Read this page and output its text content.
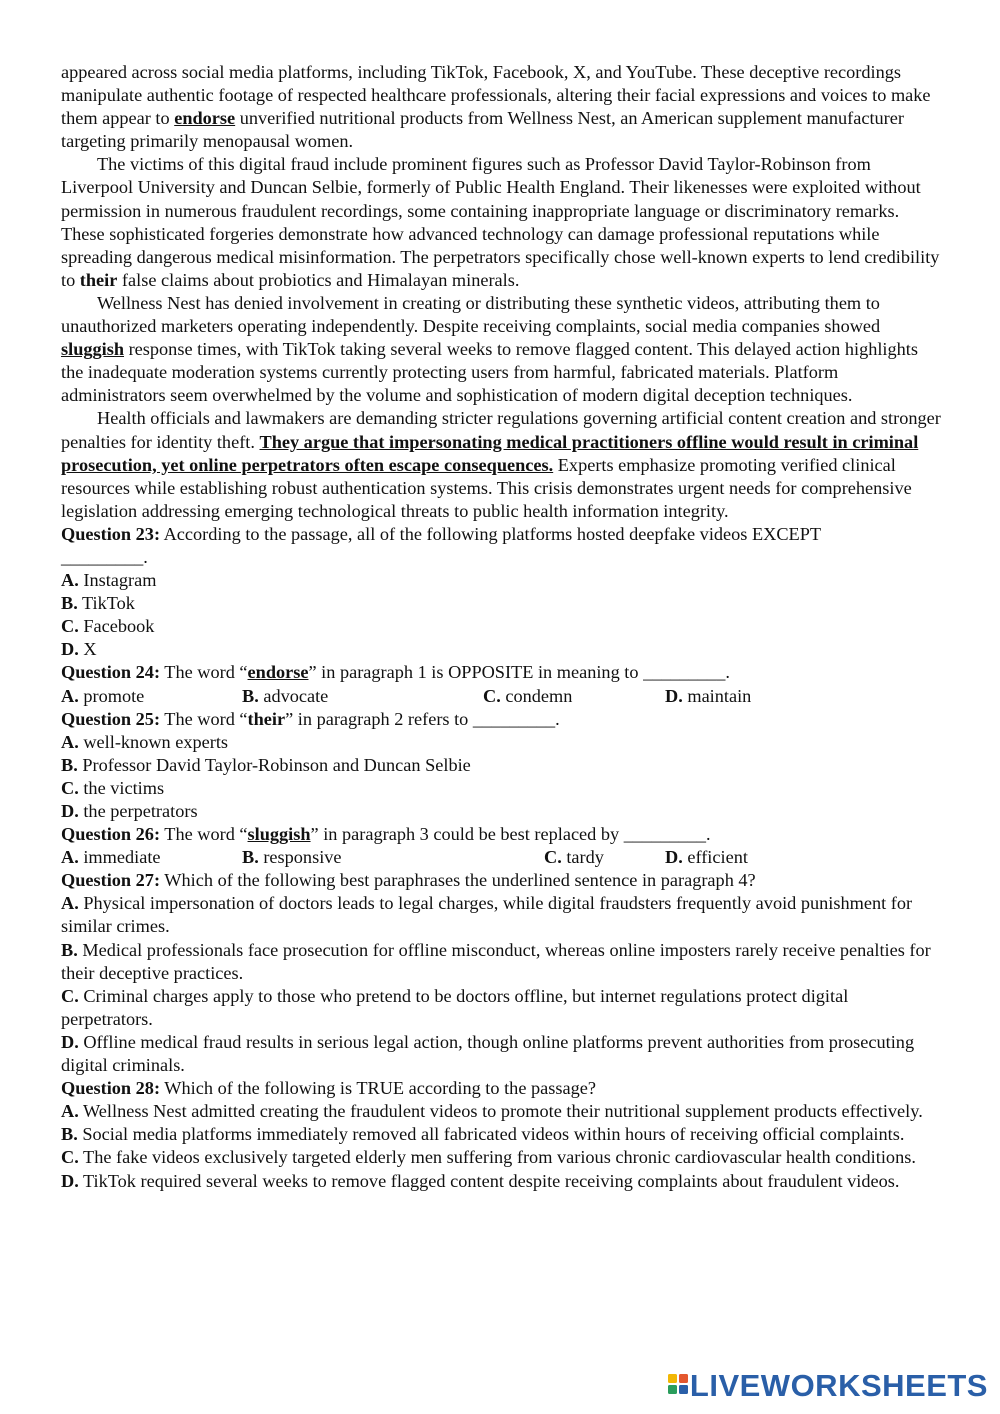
appeared across social media platforms, including TikTok, Facebook, X, and YouTube. These deceptive recordings manipulate authentic footage of respected healthcare professionals, altering their facial expressions and voices to make them appear to endorse unverified nutritional products from Wellness Nest, an American supplement manufacturer targeting primarily menopausal women.

The victims of this digital fraud include prominent figures such as Professor David Taylor-Robinson from Liverpool University and Duncan Selbie, formerly of Public Health England. Their likenesses were exploited without permission in numerous fraudulent recordings, some containing inappropriate language or discriminatory remarks. These sophisticated forgeries demonstrate how advanced technology can damage professional reputations while spreading dangerous medical misinformation. The perpetrators specifically chose well-known experts to lend credibility to their false claims about probiotics and Himalayan minerals.

Wellness Nest has denied involvement in creating or distributing these synthetic videos, attributing them to unauthorized marketers operating independently. Despite receiving complaints, social media companies showed sluggish response times, with TikTok taking several weeks to remove flagged content. This delayed action highlights the inadequate moderation systems currently protecting users from harmful, fabricated materials. Platform administrators seem overwhelmed by the volume and sophistication of modern digital deception techniques.

Health officials and lawmakers are demanding stricter regulations governing artificial content creation and stronger penalties for identity theft. They argue that impersonating medical practitioners offline would result in criminal prosecution, yet online perpetrators often escape consequences. Experts emphasize promoting verified clinical resources while establishing robust authentication systems. This crisis demonstrates urgent needs for comprehensive legislation addressing emerging technological threats to public health information integrity.

Question 23: According to the passage, all of the following platforms hosted deepfake videos EXCEPT

_________.

A. Instagram

B. TikTok

C. Facebook

D. X

Question 24: The word “endorse” in paragraph 1 is OPPOSITE in meaning to _________.

A. promote	B. advocate	C. condemn	D. maintain

Question 25: The word “their” in paragraph 2 refers to _________.

A. well-known experts

B. Professor David Taylor-Robinson and Duncan Selbie

C. the victims

D. the perpetrators

Question 26: The word “sluggish” in paragraph 3 could be best replaced by _________.

A. immediate	B. responsive	C. tardy	D. efficient

Question 27: Which of the following best paraphrases the underlined sentence in paragraph 4?

A. Physical impersonation of doctors leads to legal charges, while digital fraudsters frequently avoid punishment for similar crimes.

B. Medical professionals face prosecution for offline misconduct, whereas online imposters rarely receive penalties for their deceptive practices.

C. Criminal charges apply to those who pretend to be doctors offline, but internet regulations protect digital perpetrators.

D. Offline medical fraud results in serious legal action, though online platforms prevent authorities from prosecuting digital criminals.

Question 28: Which of the following is TRUE according to the passage?

A. Wellness Nest admitted creating the fraudulent videos to promote their nutritional supplement products effectively.

B. Social media platforms immediately removed all fabricated videos within hours of receiving official complaints.

C. The fake videos exclusively targeted elderly men suffering from various chronic cardiovascular health conditions.

D. TikTok required several weeks to remove flagged content despite receiving complaints about fraudulent videos.

LIVEWORKSHEETS
